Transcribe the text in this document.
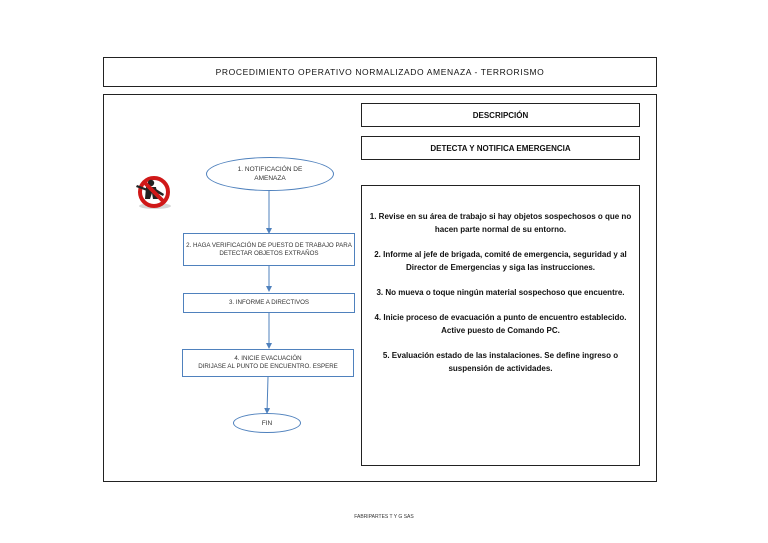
PROCEDIMIENTO OPERATIVO NORMALIZADO AMENAZA - TERRORISMO
DESCRIPCIÓN
DETECTA Y NOTIFICA EMERGENCIA

1. Revise en su área de trabajo si hay objetos sospechosos o que no
hacen parte normal de su entorno.

2. Informe al jefe de brigada, comité de emergencia, seguridad y al
Director de Emergencias y siga las instrucciones.

3. No mueva o toque ningún material sospechoso que encuentre.

4. Inicie proceso de evacuación a punto de encuentro establecido.
Active puesto de Comando PC.

5. Evaluación estado de las instalaciones. Se define ingreso o
suspensión de actividades.

1. NOTIFICACIÓN DE
AMENAZA
2. HAGA VERIFICACIÓN DE PUESTO DE TRABAJO PARA
DETECTAR OBJETOS EXTRAÑOS
3. INFORME A DIRECTIVOS
4. INICIE EVACUACIÓN
DIRIJASE AL PUNTO DE ENCUENTRO. ESPERE
FIN
FABRIPARTES T Y G SAS
